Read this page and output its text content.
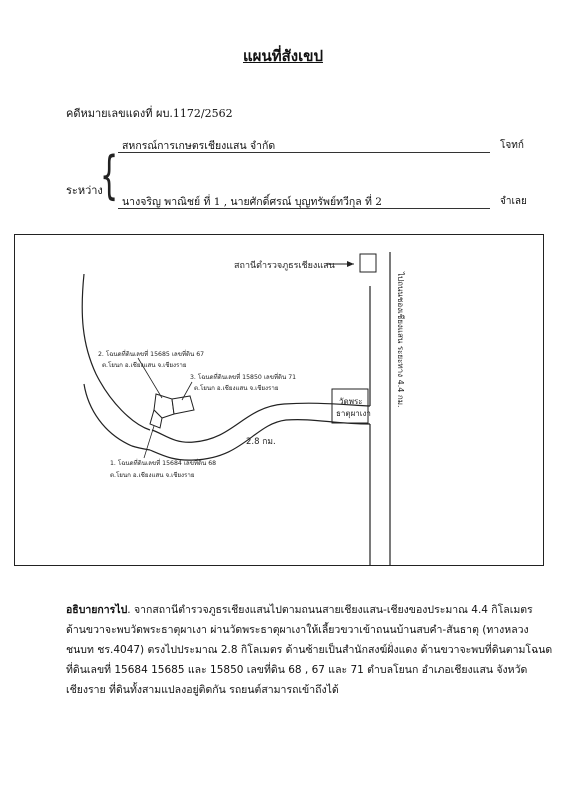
แผนที่สังเขป
คดีหมายเลขแดงที่ ผบ.1172/2562
ระหว่าง
{ สหกรณ์การเกษตรเชียงแสน จำกัด	โจทก์
นางจริญ พาณิชย์ ที่ 1 , นายศักดิ์ศรณ์ บุญทรัพย์ทวีกุล ที่ 2	จำเลย
สถานีตำรวจภูธรเชียงแสน
ไปถนนชองเชียงแสน ระยะทาง 4.4 กม.
วัดพระ
ธาตุผาเงา
2.8 กม.
2. โฉนดที่ดินเลขที่ 15685 เลขที่ดิน 67
ต.โยนก อ.เชียงแสน จ.เชียงราย
3. โฉนดที่ดินเลขที่ 15850 เลขที่ดิน 71
ต.โยนก อ.เชียงแสน จ.เชียงราย
1. โฉนดที่ดินเลขที่ 15684 เลขที่ดิน 68
ต.โยนก อ.เชียงแสน จ.เชียงราย
อธิบายการไป. จากสถานีตำรวจภูธรเชียงแสนไปตามถนนสายเชียงแสน-เชียงของประมาณ 4.4 กิโลเมตร
ด้านขวาจะพบวัดพระธาตุผาเงา ผ่านวัดพระธาตุผาเงาให้เลี้ยวขวาเข้าถนนบ้านสบคำ-สันธาตุ (ทางหลวง
ชนบท ชร.4047) ตรงไปประมาณ 2.8 กิโลเมตร ด้านซ้ายเป็นสำนักสงฆ์ฝั่งแดง ด้านขวาจะพบที่ดินตามโฉนด
ที่ดินเลขที่ 15684 15685 และ 15850 เลขที่ดิน 68 , 67 และ 71 ตำบลโยนก อำเภอเชียงแสน จังหวัด
เชียงราย ที่ดินทั้งสามแปลงอยู่ติดกัน รถยนต์สามารถเข้าถึงได้
